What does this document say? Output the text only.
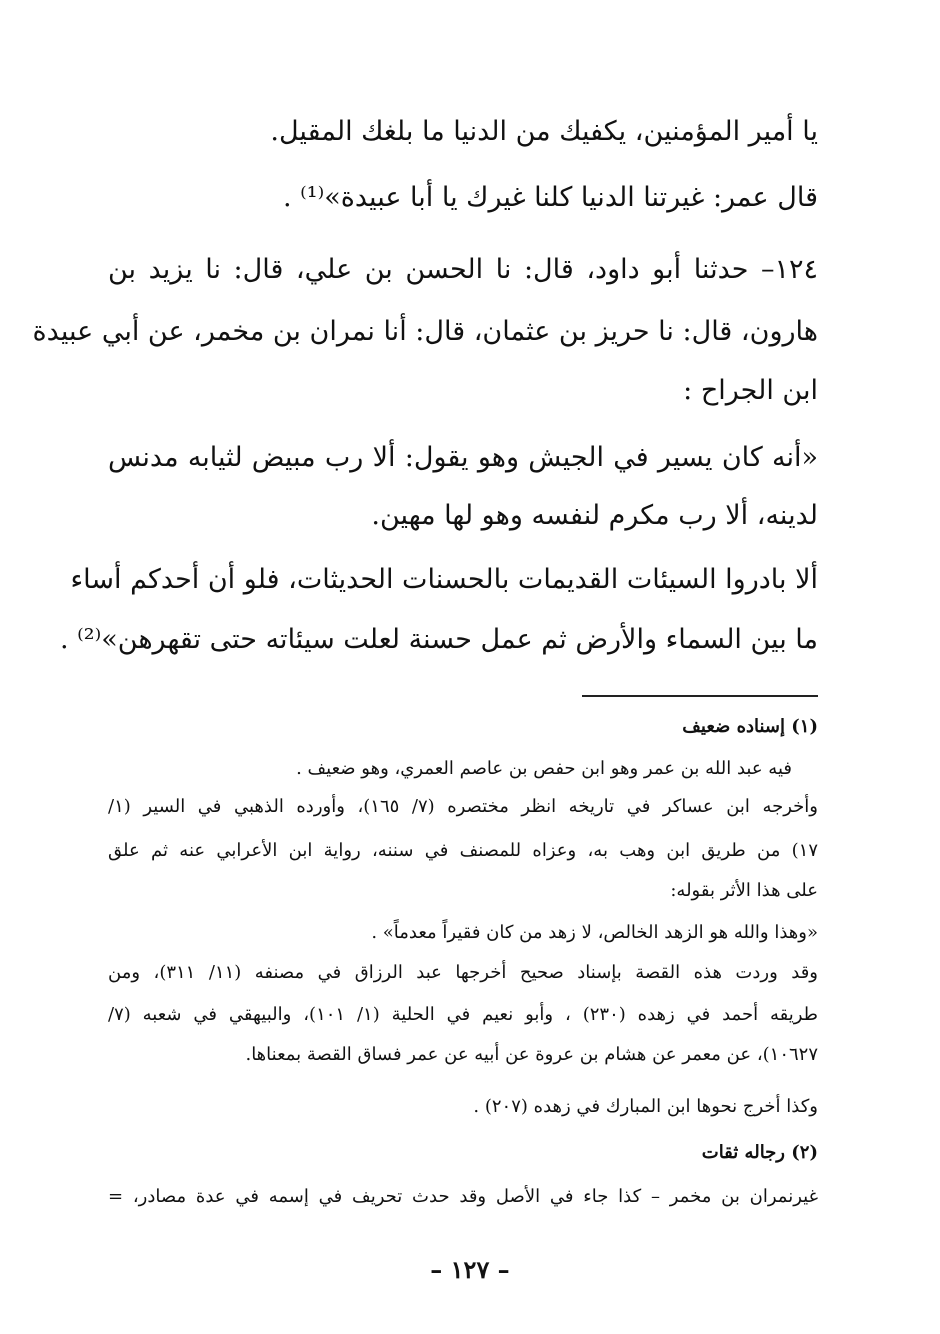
يا أمير المؤمنين، يكفيك من الدنيا ما بلغك المقيل.
قال عمر: غيرتنا الدنيا كلنا غيرك يا أبا عبيدة»⁽¹⁾ .
١٢٤– حدثنا أبو داود، قال: نا الحسن بن علي، قال: نا يزيد بن
هارون، قال: نا حريز بن عثمان، قال: أنا نمران بن مخمر، عن أبي عبيدة
ابن الجراح :
«أنه كان يسير في الجيش وهو يقول: ألا رب مبيض لثيابه مدنس
لدينه، ألا رب مكرم لنفسه وهو لها مهين.
ألا بادروا السيئات القديمات بالحسنات الحديثات، فلو أن أحدكم أساء
ما بين السماء والأرض ثم عمل حسنة لعلت سيئاته حتى تقهرهن»⁽²⁾ .
(١) إسناده ضعيف
فيه عبد الله بن عمر وهو ابن حفص بن عاصم العمري، وهو ضعيف .
وأخرجه ابن عساكر في تاريخه انظر مختصره (٧/ ١٦٥)، وأورده الذهبي في السير (١/
١٧) من طريق ابن وهب به، وعزاه للمصنف في سننه، رواية ابن الأعرابي عنه ثم علق
على هذا الأثر بقوله:
«وهذا والله هو الزهد الخالص، لا زهد من كان فقيراً معدماً» .
وقد وردت هذه القصة بإسناد صحيح أخرجها عبد الرزاق في مصنفه (١١/ ٣١١)، ومن
طريقه أحمد في زهده (٢٣٠) ، وأبو نعيم في الحلية (١/ ١٠١)، والبيهقي في شعبه (٧/
١٠٦٢٧)، عن معمر عن هشام بن عروة عن أبيه عن عمر فساق القصة بمعناها.
وكذا أخرج نحوها ابن المبارك في زهده (٢٠٧) .
(٢) رجاله ثقات
غيرنمران بن مخمر – كذا جاء في الأصل وقد حدث تحريف في إسمه في عدة مصادر، =
– ١٢٧ –
